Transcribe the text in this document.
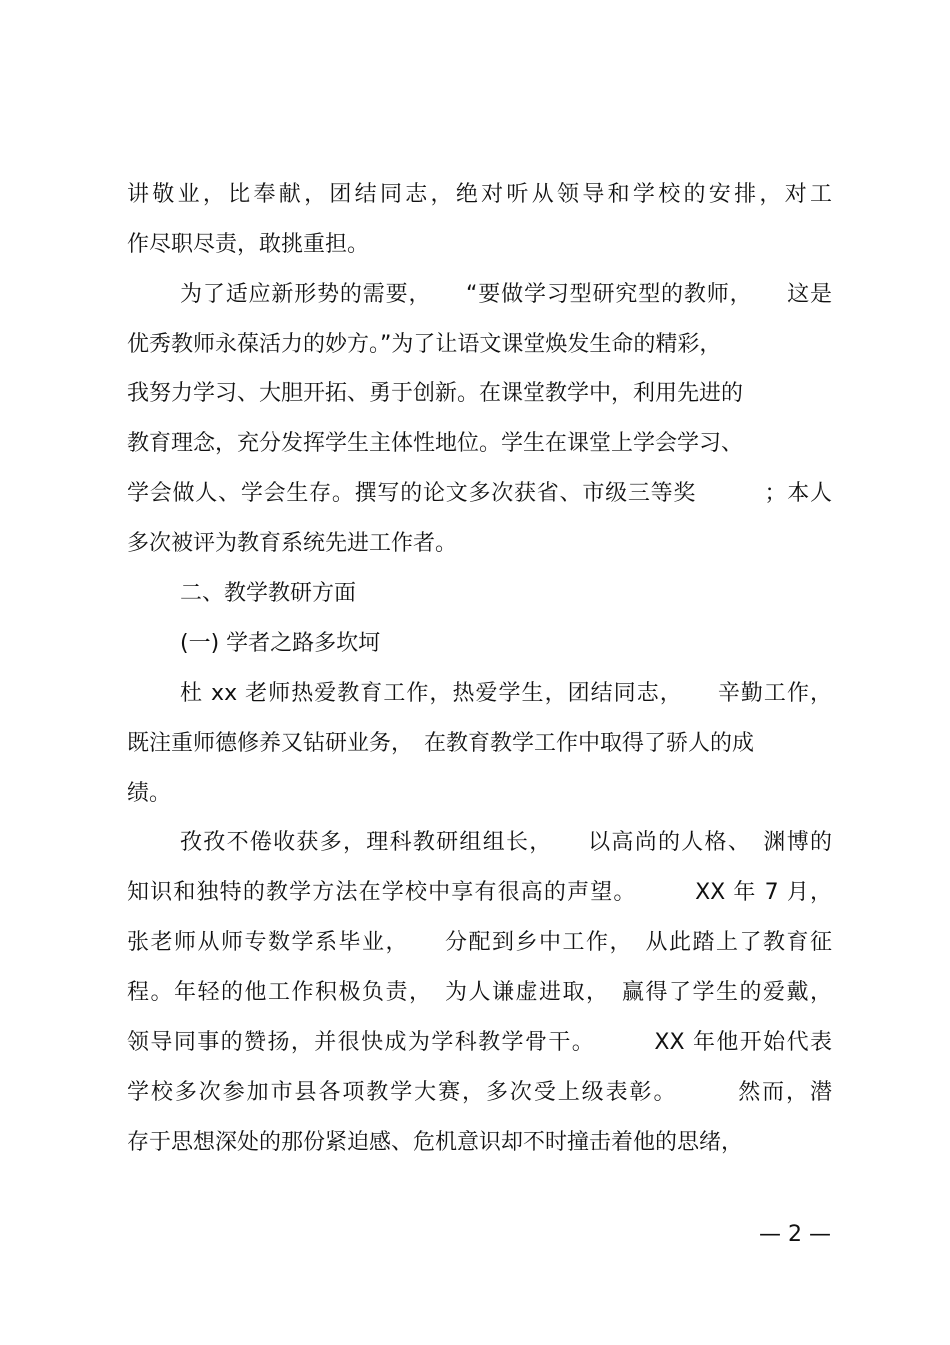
讲敬业，比奉献，团结同志，绝对听从领导和学校的安排，对工
作尽职尽责，敢挑重担。
为了适应新形势的需要，　　“要做学习型研究型的教师，　　这是
优秀教师永葆活力的妙方。”为了让语文课堂焕发生命的精彩，
我努力学习、大胆开拓、勇于创新。在课堂教学中，利用先进的
教育理念，充分发挥学生主体性地位。学生在课堂上学会学习、
学会做人、学会生存。撰写的论文多次获省、市级三等奖　　　；本人
多次被评为教育系统先进工作者。
二、教学教研方面
(一) 学者之路多坎坷
杜 xx 老师热爱教育工作，热爱学生，团结同志，　　辛勤工作，
既注重师德修养又钻研业务，　在教育教学工作中取得了骄人的成
绩。
孜孜不倦收获多，理科教研组组长，　　以高尚的人格、　渊博的
知识和独特的教学方法在学校中享有很高的声望。　　　XX 年 7 月，
张老师从师专数学系毕业，　　分配到乡中工作，　从此踏上了教育征
程。年轻的他工作积极负责，　为人谦虚进取，　赢得了学生的爱戴，
领导同事的赞扬，并很快成为学科教学骨干。　　　XX 年他开始代表
学校多次参加市县各项教学大赛，多次受上级表彰。　　　然而，潜
存于思想深处的那份紧迫感、危机意识却不时撞击着他的思绪，
— 2 —
